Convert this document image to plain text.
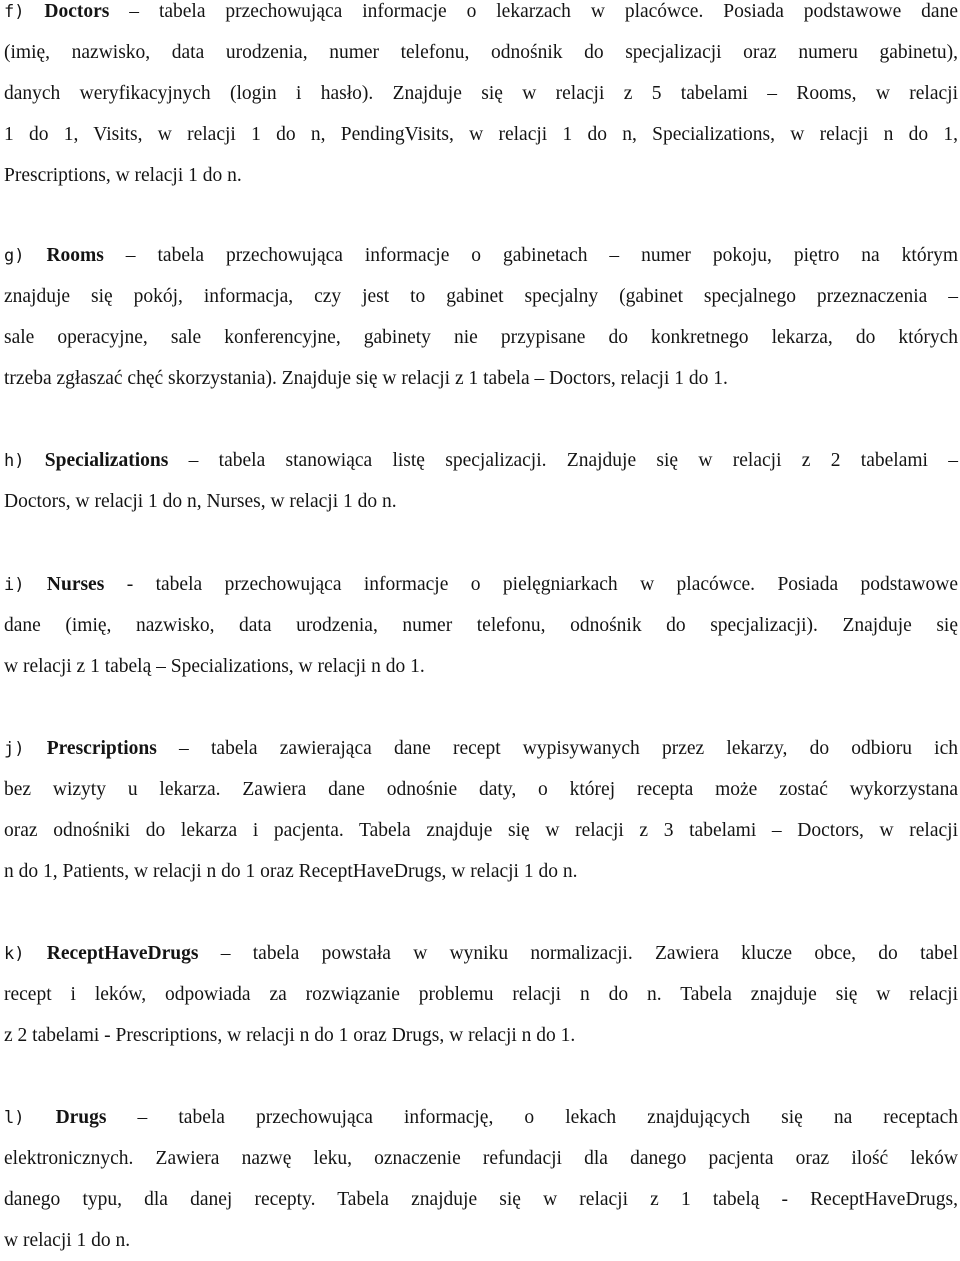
f) Doctors – tabela przechowująca informacje o lekarzach w placówce. Posiada podstawowe dane
(imię, nazwisko, data urodzenia, numer telefonu, odnośnik do specjalizacji oraz numeru gabinetu),
danych weryfikacyjnych (login i hasło). Znajduje się w relacji z 5 tabelami – Rooms, w relacji
1 do 1, Visits, w relacji 1 do n, PendingVisits, w relacji 1 do n, Specializations, w relacji n do 1,
Prescriptions, w relacji 1 do n.
g) Rooms – tabela przechowująca informacje o gabinetach – numer pokoju, piętro na którym
znajduje się pokój, informacja, czy jest to gabinet specjalny (gabinet specjalnego przeznaczenia –
sale operacyjne, sale konferencyjne, gabinety nie przypisane do konkretnego lekarza, do których
trzeba zgłaszać chęć skorzystania). Znajduje się w relacji z 1 tabela – Doctors, relacji 1 do 1.
h) Specializations – tabela stanowiąca listę specjalizacji. Znajduje się w relacji z 2 tabelami –
Doctors, w relacji 1 do n, Nurses, w relacji 1 do n.
i) Nurses - tabela przechowująca informacje o pielęgniarkach w placówce. Posiada podstawowe
dane (imię, nazwisko, data urodzenia, numer telefonu, odnośnik do specjalizacji). Znajduje się
w relacji z 1 tabelą – Specializations, w relacji n do 1.
j) Prescriptions – tabela zawierająca dane recept wypisywanych przez lekarzy, do odbioru ich
bez wizyty u lekarza. Zawiera dane odnośnie daty, o której recepta może zostać wykorzystana
oraz odnośniki do lekarza i pacjenta. Tabela znajduje się w relacji z 3 tabelami – Doctors, w relacji
n do 1, Patients, w relacji n do 1 oraz ReceptHaveDrugs, w relacji 1 do n.
k) ReceptHaveDrugs – tabela powstała w wyniku normalizacji. Zawiera klucze obce, do tabel
recept i leków, odpowiada za rozwiązanie problemu relacji n do n. Tabela znajduje się w relacji
z 2 tabelami - Prescriptions, w relacji n do 1 oraz Drugs, w relacji n do 1.
l) Drugs – tabela przechowująca informację, o lekach znajdujących się na receptach
elektronicznych. Zawiera nazwę leku, oznaczenie refundacji dla danego pacjenta oraz ilość leków
danego typu, dla danej recepty. Tabela znajduje się w relacji z 1 tabelą - ReceptHaveDrugs,
w relacji 1 do n.
